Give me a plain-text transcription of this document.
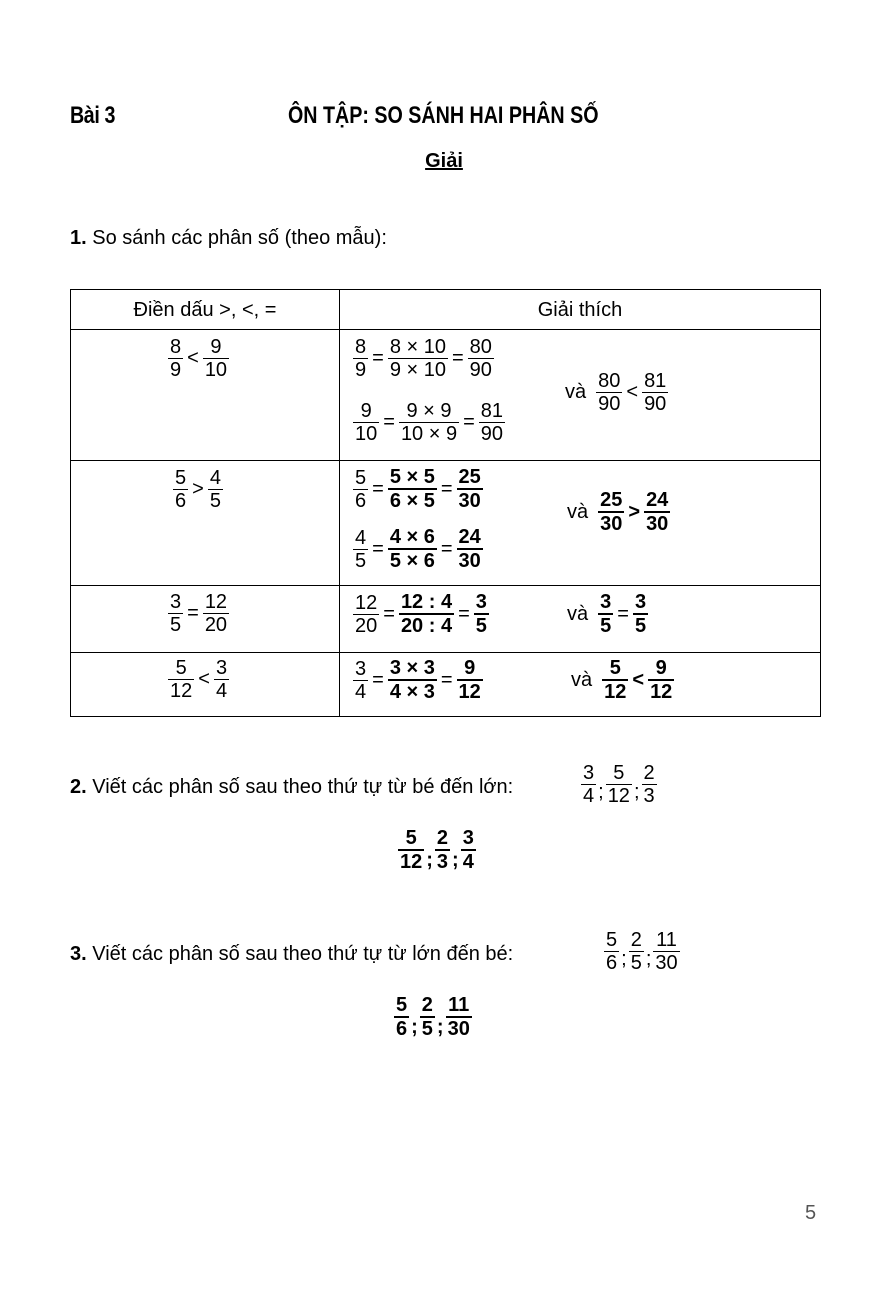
Bài 3	ÔN TẬP: SO SÁNH HAI PHÂN SỐ
Giải
1. So sánh các phân số (theo mẫu):
Điền dấu >, <, =	Giải thích
$\frac{8}{9} < \frac{9}{10}$	$\frac{8}{9} = \frac{8 \times 10}{9 \times 10} = \frac{80}{90}$
$\frac{9}{10} = \frac{9 \times 9}{10 \times 9} = \frac{81}{90}$
và $\frac{80}{90} < \frac{81}{90}$
$\frac{5}{6} > \frac{4}{5}$	$\frac{5}{6} = \frac{5 \times 5}{6 \times 5} = \frac{25}{30}$
$\frac{4}{5} = \frac{4 \times 6}{5 \times 6} = \frac{24}{30}$
và $\frac{25}{30} > \frac{24}{30}$
$\frac{3}{5} = \frac{12}{20}$	$\frac{12}{20} = \frac{12 : 4}{20 : 4} = \frac{3}{5}$	và $\frac{3}{5} = \frac{3}{5}$
$\frac{5}{12} < \frac{3}{4}$	$\frac{3}{4} = \frac{3 \times 3}{4 \times 3} = \frac{9}{12}$	và $\frac{5}{12} < \frac{9}{12}$
2. Viết các phân số sau theo thứ tự từ bé đến lớn:	$\frac{3}{4}$ ; $\frac{5}{12}$ ; $\frac{2}{3}$
$\frac{5}{12}$ ; $\frac{2}{3}$ ; $\frac{3}{4}$
3. Viết các phân số sau theo thứ tự từ lớn đến bé:	$\frac{5}{6}$ ; $\frac{2}{5}$ ; $\frac{11}{30}$
$\frac{5}{6}$ ; $\frac{2}{5}$ ; $\frac{11}{30}$
5
